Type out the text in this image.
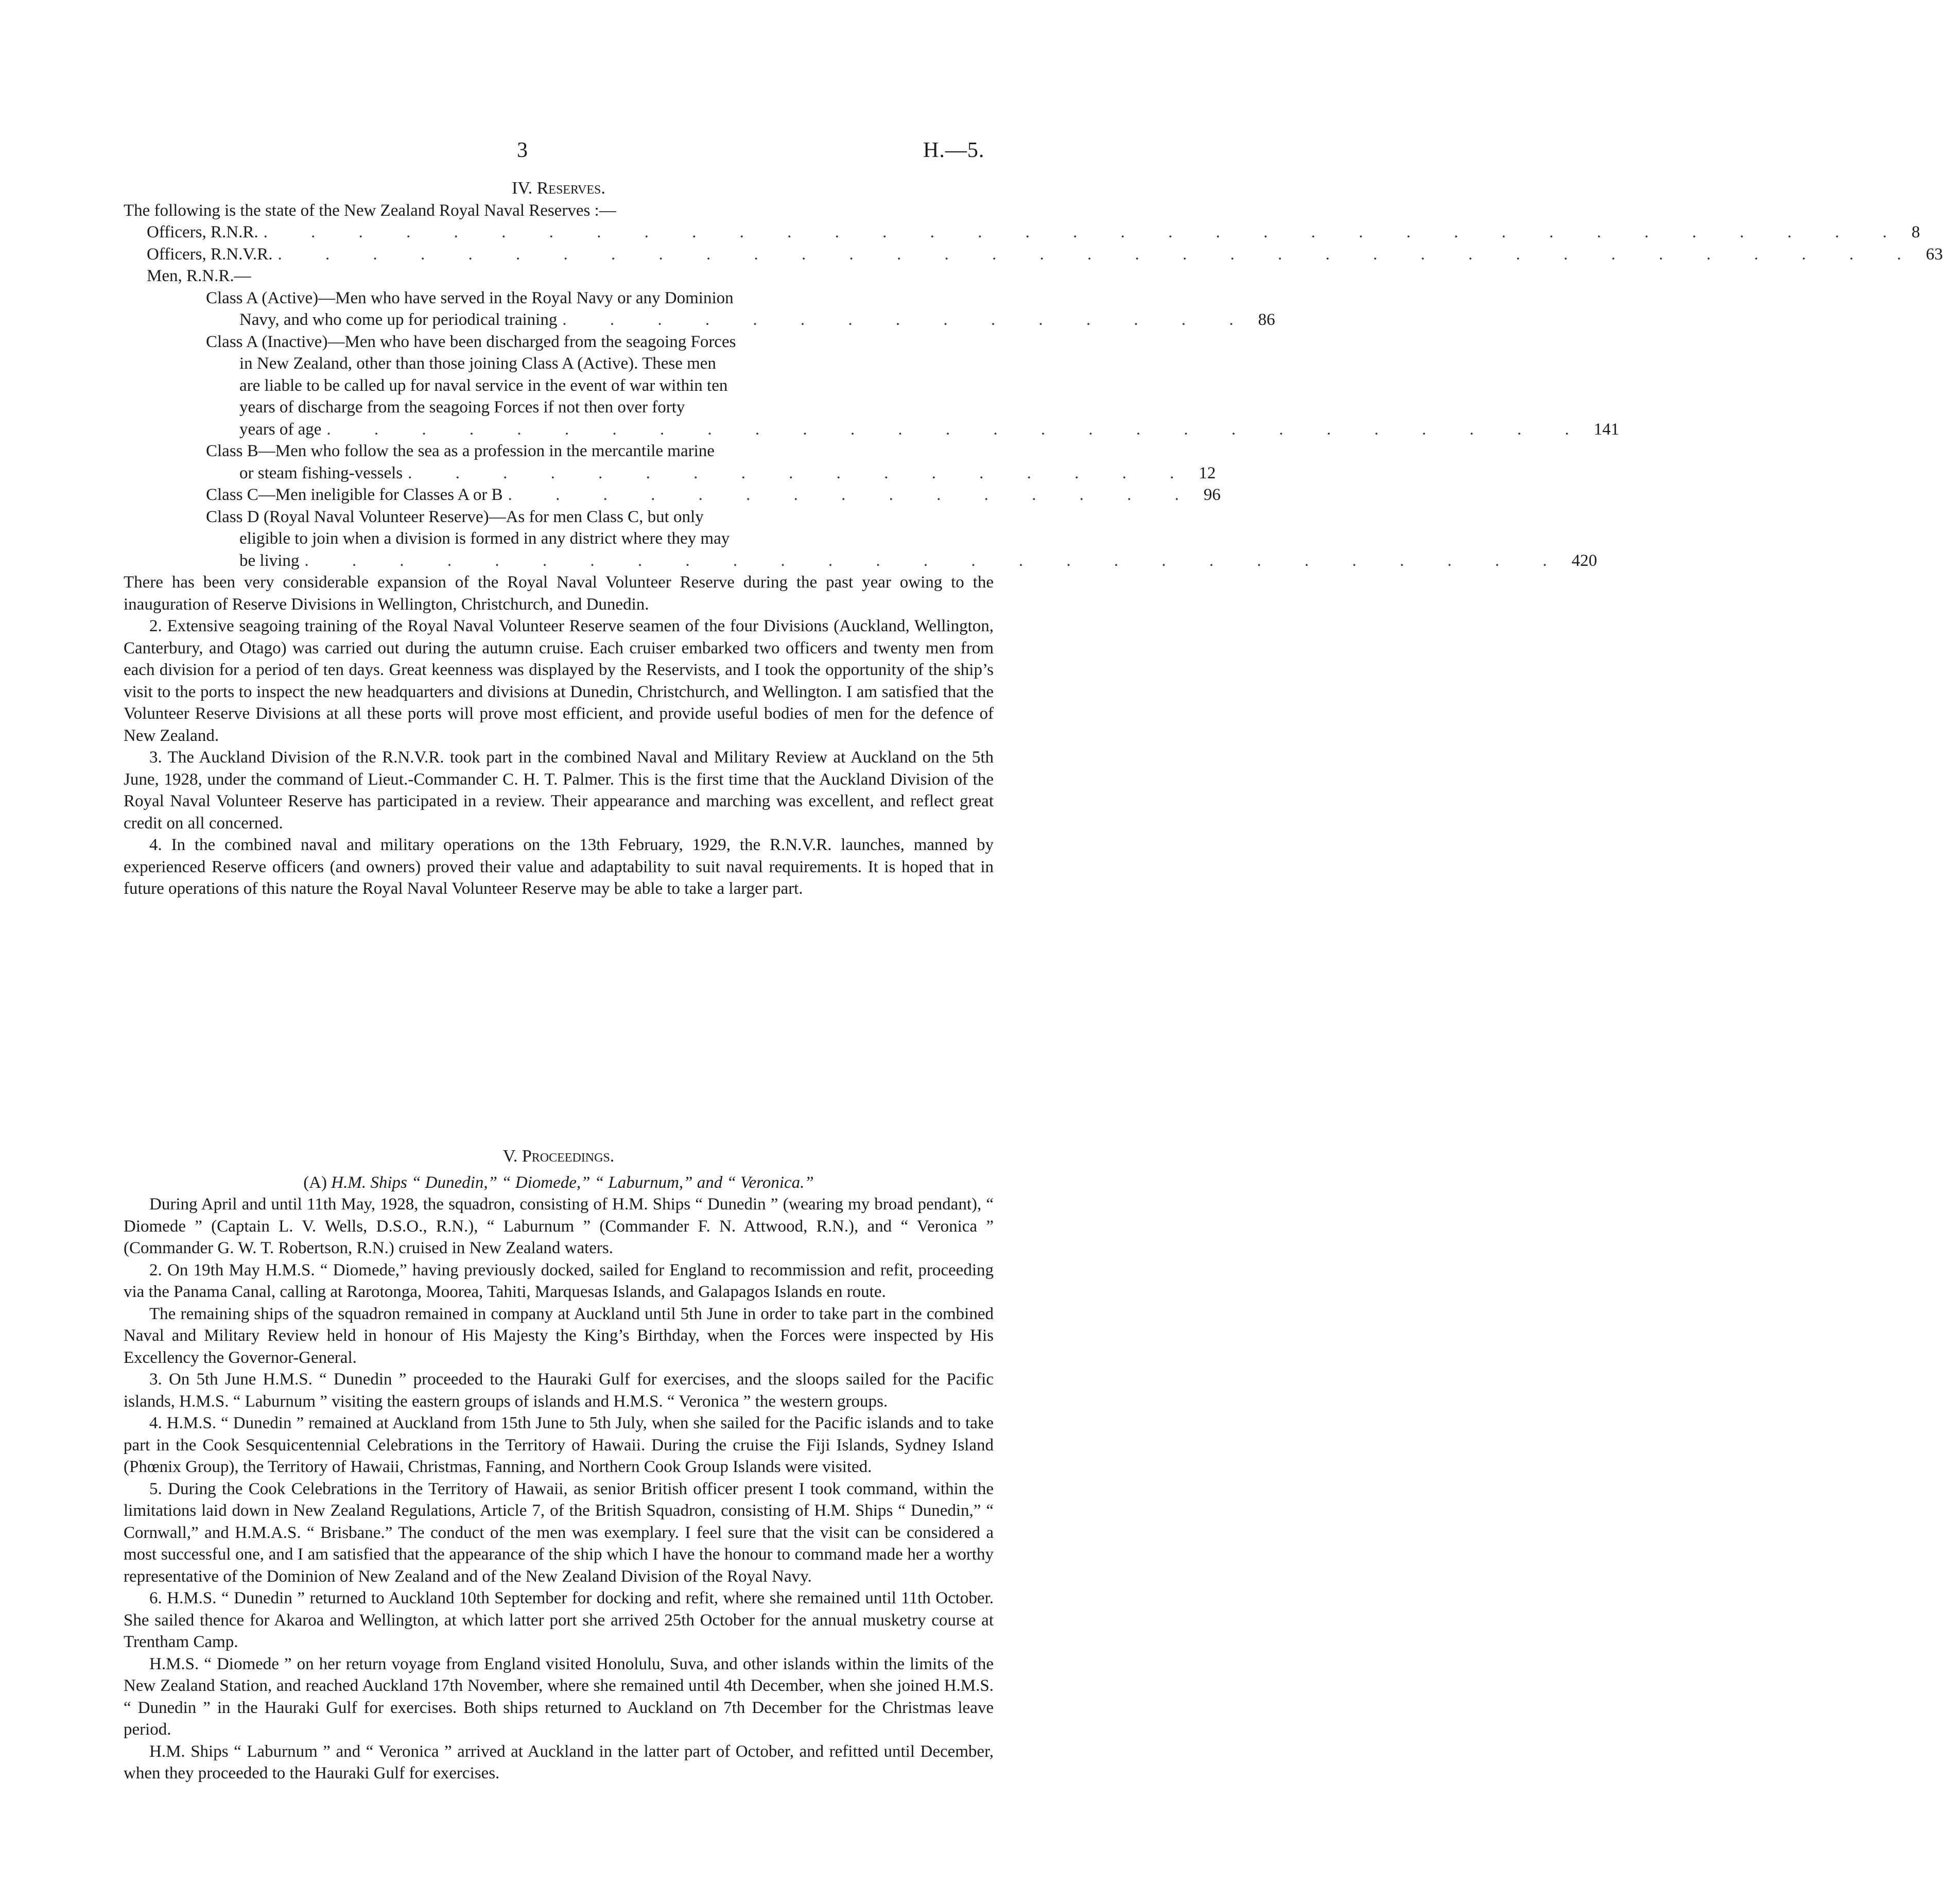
3	H.—5.
IV. Reserves.

The following is the state of the New Zealand Royal Naval Reserves :—

Officers, R.N.R. . . . . . . . . . . . . . . . . . . . . . . . . . . . . . . . . . . . 8
Officers, R.N.V.R. . . . . . . . . . . . . . . . . . . . . . . . . . . . . . . . . . . . 63
Men, R.N.R.—
Class A (Active)—Men who have served in the Royal Navy or any Dominion
Navy, and who come up for periodical training . . . . . . . . . . . . . . . 86
Class A (Inactive)—Men who have been discharged from the seagoing Forces
in New Zealand, other than those joining Class A (Active). These men
are liable to be called up for naval service in the event of war within ten
years of discharge from the seagoing Forces if not then over forty
years of age . . . . . . . . . . . . . . . . . . . . . . . . . . . 141
Class B—Men who follow the sea as a profession in the mercantile marine
or steam fishing-vessels . . . . . . . . . . . . . . . . . 12
Class C—Men ineligible for Classes A or B . . . . . . . . . . . . . . . 96
Class D (Royal Naval Volunteer Reserve)—As for men Class C, but only
eligible to join when a division is formed in any district where they may
be living . . . . . . . . . . . . . . . . . . . . . . . . . . . 420

There has been very considerable expansion of the Royal Naval Volunteer Reserve during the past year owing to the inauguration of Reserve Divisions in Wellington, Christchurch, and Dunedin.

2. Extensive seagoing training of the Royal Naval Volunteer Reserve seamen of the four Divisions (Auckland, Wellington, Canterbury, and Otago) was carried out during the autumn cruise. Each cruiser embarked two officers and twenty men from each division for a period of ten days. Great keenness was displayed by the Reservists, and I took the opportunity of the ship’s visit to the ports to inspect the new headquarters and divisions at Dunedin, Christchurch, and Wellington. I am satisfied that the Volunteer Reserve Divisions at all these ports will prove most efficient, and provide useful bodies of men for the defence of New Zealand.

3. The Auckland Division of the R.N.V.R. took part in the combined Naval and Military Review at Auckland on the 5th June, 1928, under the command of Lieut.-Commander C. H. T. Palmer. This is the first time that the Auckland Division of the Royal Naval Volunteer Reserve has participated in a review. Their appearance and marching was excellent, and reflect great credit on all concerned.

4. In the combined naval and military operations on the 13th February, 1929, the R.N.V.R. launches, manned by experienced Reserve officers (and owners) proved their value and adaptability to suit naval requirements. It is hoped that in future operations of this nature the Royal Naval Volunteer Reserve may be able to take a larger part.

V. Proceedings.
(A) H.M. Ships “ Dunedin,” “ Diomede,” “ Laburnum,” and “ Veronica.”

During April and until 11th May, 1928, the squadron, consisting of H.M. Ships “ Dunedin ” (wearing my broad pendant), “ Diomede ” (Captain L. V. Wells, D.S.O., R.N.), “ Laburnum ” (Commander F. N. Attwood, R.N.), and “ Veronica ” (Commander G. W. T. Robertson, R.N.) cruised in New Zealand waters.

2. On 19th May H.M.S. “ Diomede,” having previously docked, sailed for England to recommission and refit, proceeding via the Panama Canal, calling at Rarotonga, Moorea, Tahiti, Marquesas Islands, and Galapagos Islands en route.

The remaining ships of the squadron remained in company at Auckland until 5th June in order to take part in the combined Naval and Military Review held in honour of His Majesty the King’s Birthday, when the Forces were inspected by His Excellency the Governor-General.

3. On 5th June H.M.S. “ Dunedin ” proceeded to the Hauraki Gulf for exercises, and the sloops sailed for the Pacific islands, H.M.S. “ Laburnum ” visiting the eastern groups of islands and H.M.S. “ Veronica ” the western groups.

4. H.M.S. “ Dunedin ” remained at Auckland from 15th June to 5th July, when she sailed for the Pacific islands and to take part in the Cook Sesquicentennial Celebrations in the Territory of Hawaii. During the cruise the Fiji Islands, Sydney Island (Phœnix Group), the Territory of Hawaii, Christmas, Fanning, and Northern Cook Group Islands were visited.

5. During the Cook Celebrations in the Territory of Hawaii, as senior British officer present I took command, within the limitations laid down in New Zealand Regulations, Article 7, of the British Squadron, consisting of H.M. Ships “ Dunedin,” “ Cornwall,” and H.M.A.S. “ Brisbane.” The conduct of the men was exemplary. I feel sure that the visit can be considered a most successful one, and I am satisfied that the appearance of the ship which I have the honour to command made her a worthy representative of the Dominion of New Zealand and of the New Zealand Division of the Royal Navy.

6. H.M.S. “ Dunedin ” returned to Auckland 10th September for docking and refit, where she remained until 11th October. She sailed thence for Akaroa and Wellington, at which latter port she arrived 25th October for the annual musketry course at Trentham Camp.

H.M.S. “ Diomede ” on her return voyage from England visited Honolulu, Suva, and other islands within the limits of the New Zealand Station, and reached Auckland 17th November, where she remained until 4th December, when she joined H.M.S. “ Dunedin ” in the Hauraki Gulf for exercises. Both ships returned to Auckland on 7th December for the Christmas leave period.

H.M. Ships “ Laburnum ” and “ Veronica ” arrived at Auckland in the latter part of October, and refitted until December, when they proceeded to the Hauraki Gulf for exercises.
